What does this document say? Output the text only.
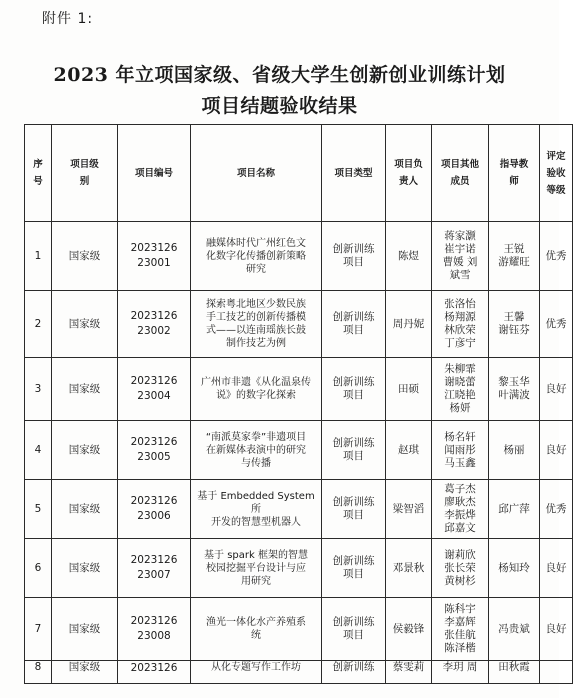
附件 1:
2023 年立项国家级、省级大学生创新创业训练计划
项目结题验收结果
序
号	项目级
别	项目编号	项目名称	项目类型	项目负
责人	项目其他
成员	指导教
师	评定
验收
等级

1	国家级	2023126
23001	融媒体时代广州红色文
化数字化传播创新策略
研究	创新训练
项目	陈煜	蒋家灏
崔宇诺
曹媛 刘
斌雪	王锐
游耀旺	优秀
2	国家级	2023126
23002	探索粤北地区少数民族
手工技艺的创新传播模
式——以连南瑶族长鼓
制作技艺为例	创新训练
项目	周丹妮	张洛怡
杨翔源
林欣荣
丁彦宁	王馨
谢钰芬	优秀
3	国家级	2023126
23004	广州市非遗《从化温泉传
说》的数字化探索	创新训练
项目	田硕	朱柳霏
谢晓蕾
江晓艳
杨妍	黎玉华
叶满波	良好
4	国家级	2023126
23005	“南派莫家拳”非遗项目
在新媒体表演中的研究
与传播	创新训练
项目	赵琪	杨名轩
闻雨彤
马玉鑫	杨丽	良好
5	国家级	2023126
23006	基于 Embedded System 所
开发的智慧型机器人	创新训练
项目	梁智滔	葛子杰
廖耿杰
李振烨
邱嘉文	邱广萍	优秀
6	国家级	2023126
23007	基于 spark 框架的智慧
校园挖掘平台设计与应
用研究	创新训练
项目	邓景秋	谢莉欣
张长荣
黄树杉	杨知玲	良好
7	国家级	2023126
23008	渔光一体化水产养殖系
统	创新训练
项目	侯毅锋	陈科宇
李嘉辉
张佳航
陈泽楷	冯贵斌	良好
8	国家级	2023126	从化专题写作工作坊	创新训练	蔡雯莉	李玥 周	田秋霞	
